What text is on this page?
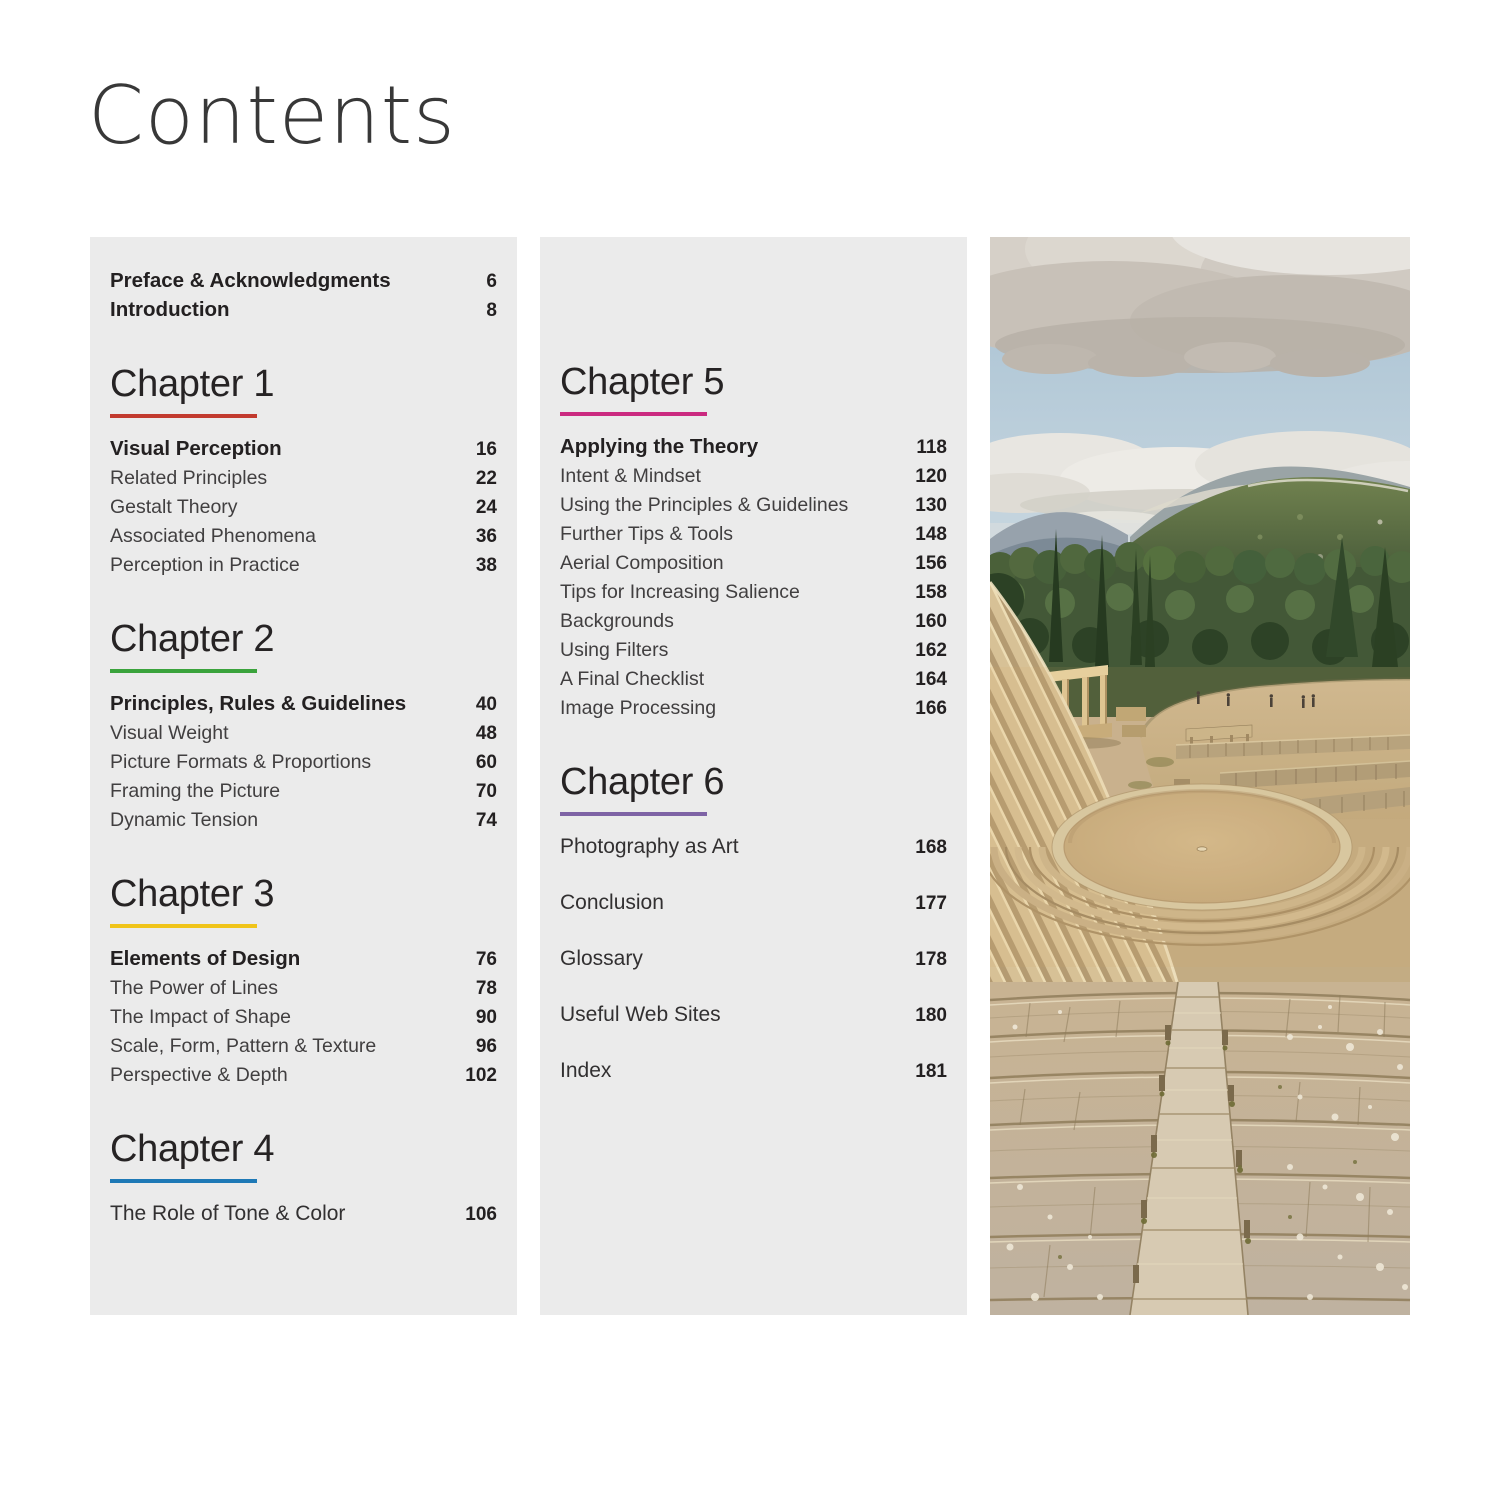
Contents
Preface & Acknowledgments	6
Introduction	8
Chapter 1
Visual Perception	16
Related Principles	22
Gestalt Theory	24
Associated Phenomena	36
Perception in Practice	38
Chapter 2
Principles, Rules & Guidelines	40
Visual Weight	48
Picture Formats & Proportions	60
Framing the Picture	70
Dynamic Tension	74
Chapter 3
Elements of Design	76
The Power of Lines	78
The Impact of Shape	90
Scale, Form, Pattern & Texture	96
Perspective & Depth	102
Chapter 4
The Role of Tone & Color	106
Chapter 5
Applying the Theory	118
Intent & Mindset	120
Using the Principles & Guidelines	130
Further Tips & Tools	148
Aerial Composition	156
Tips for Increasing Salience	158
Backgrounds	160
Using Filters	162
A Final Checklist	164
Image Processing	166
Chapter 6
Photography as Art	168
Conclusion	177
Glossary	178
Useful Web Sites	180
Index	181
